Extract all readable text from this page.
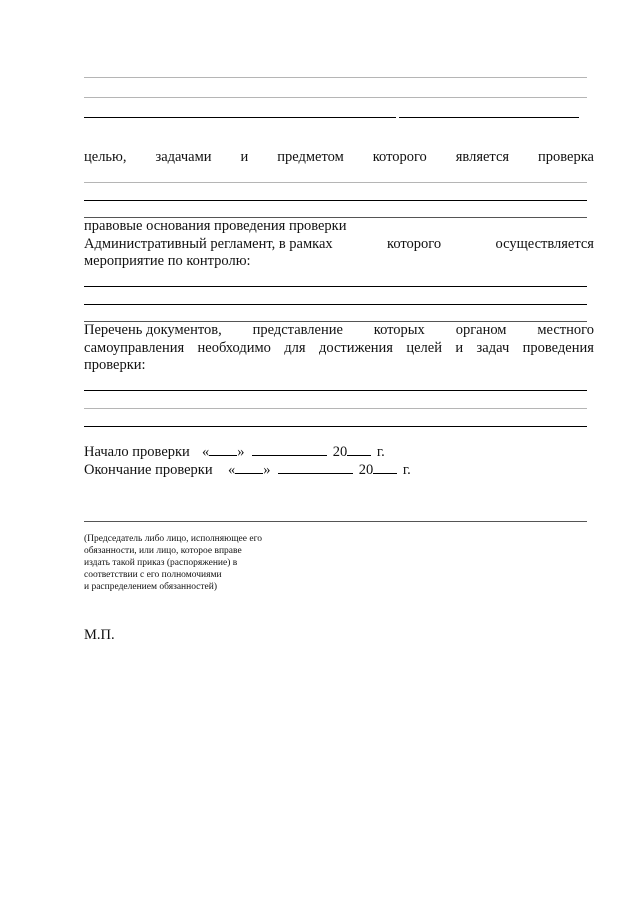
целью, задачами и предметом которого является проверка
правовые основания проведения проверки
Административный регламент, в рамках	которого	осуществляется
мероприятие по контролю:
Перечень документов, представление которых органом местного
самоуправления необходимо для достижения целей и задач проведения
проверки:
Начало проверки « »	20 г.
Окончание проверки « »	20 г.
(Председатель либо лицо, исполняющее его
обязанности, или лицо, которое вправе
издать такой приказ (распоряжение) в
соответствии с его полномочиями
и распределением обязанностей)
М.П.
